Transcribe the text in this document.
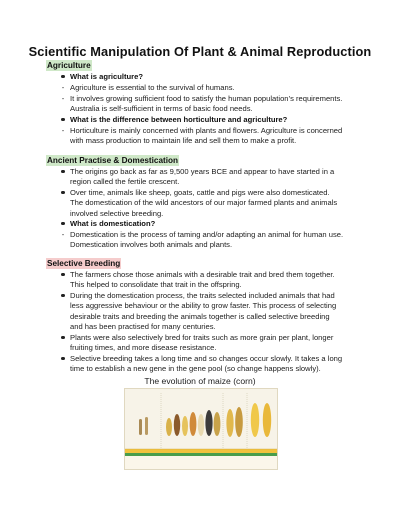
Scientific Manipulation Of Plant & Animal Reproduction
Agriculture
What is agriculture?
- Agriculture is essential to the survival of humans.
- It involves growing sufficient food to satisfy the human population’s requirements.
Australia is self-sufficient in terms of basic food needs.
What is the difference between horticulture and agriculture?
- Horticulture is mainly concerned with plants and flowers. Agriculture is concerned
with mass production to maintain life and sell them to make a profit.
Ancient Practise & Domestication
The origins go back as far as 9,500 years BCE and appear to have started in a
region called the fertile crescent.
Over time, animals like sheep, goats, cattle and pigs were also domesticated.
The domestication of the wild ancestors of our major farmed plants and animals
involved selective breeding.
What is domestication?
- Domestication is the process of taming and/or adapting an animal for human use.
Domestication involves both animals and plants.
Selective Breeding
The farmers chose those animals with a desirable trait and bred them together.
This helped to consolidate that trait in the offspring.
During the domestication process, the traits selected included animals that had
less aggressive behaviour or the ability to grow faster. This process of selecting
desirable traits and breeding the animals together is called selective breeding
and has been practised for many centuries.
Plants were also selectively bred for traits such as more grain per plant, longer
fruiting times, and more disease resistance.
Selective breeding takes a long time and so changes occur slowly. It takes a long
time to establish a new gene in the gene pool (so change happens slowly).
The evolution of maize (corn)
